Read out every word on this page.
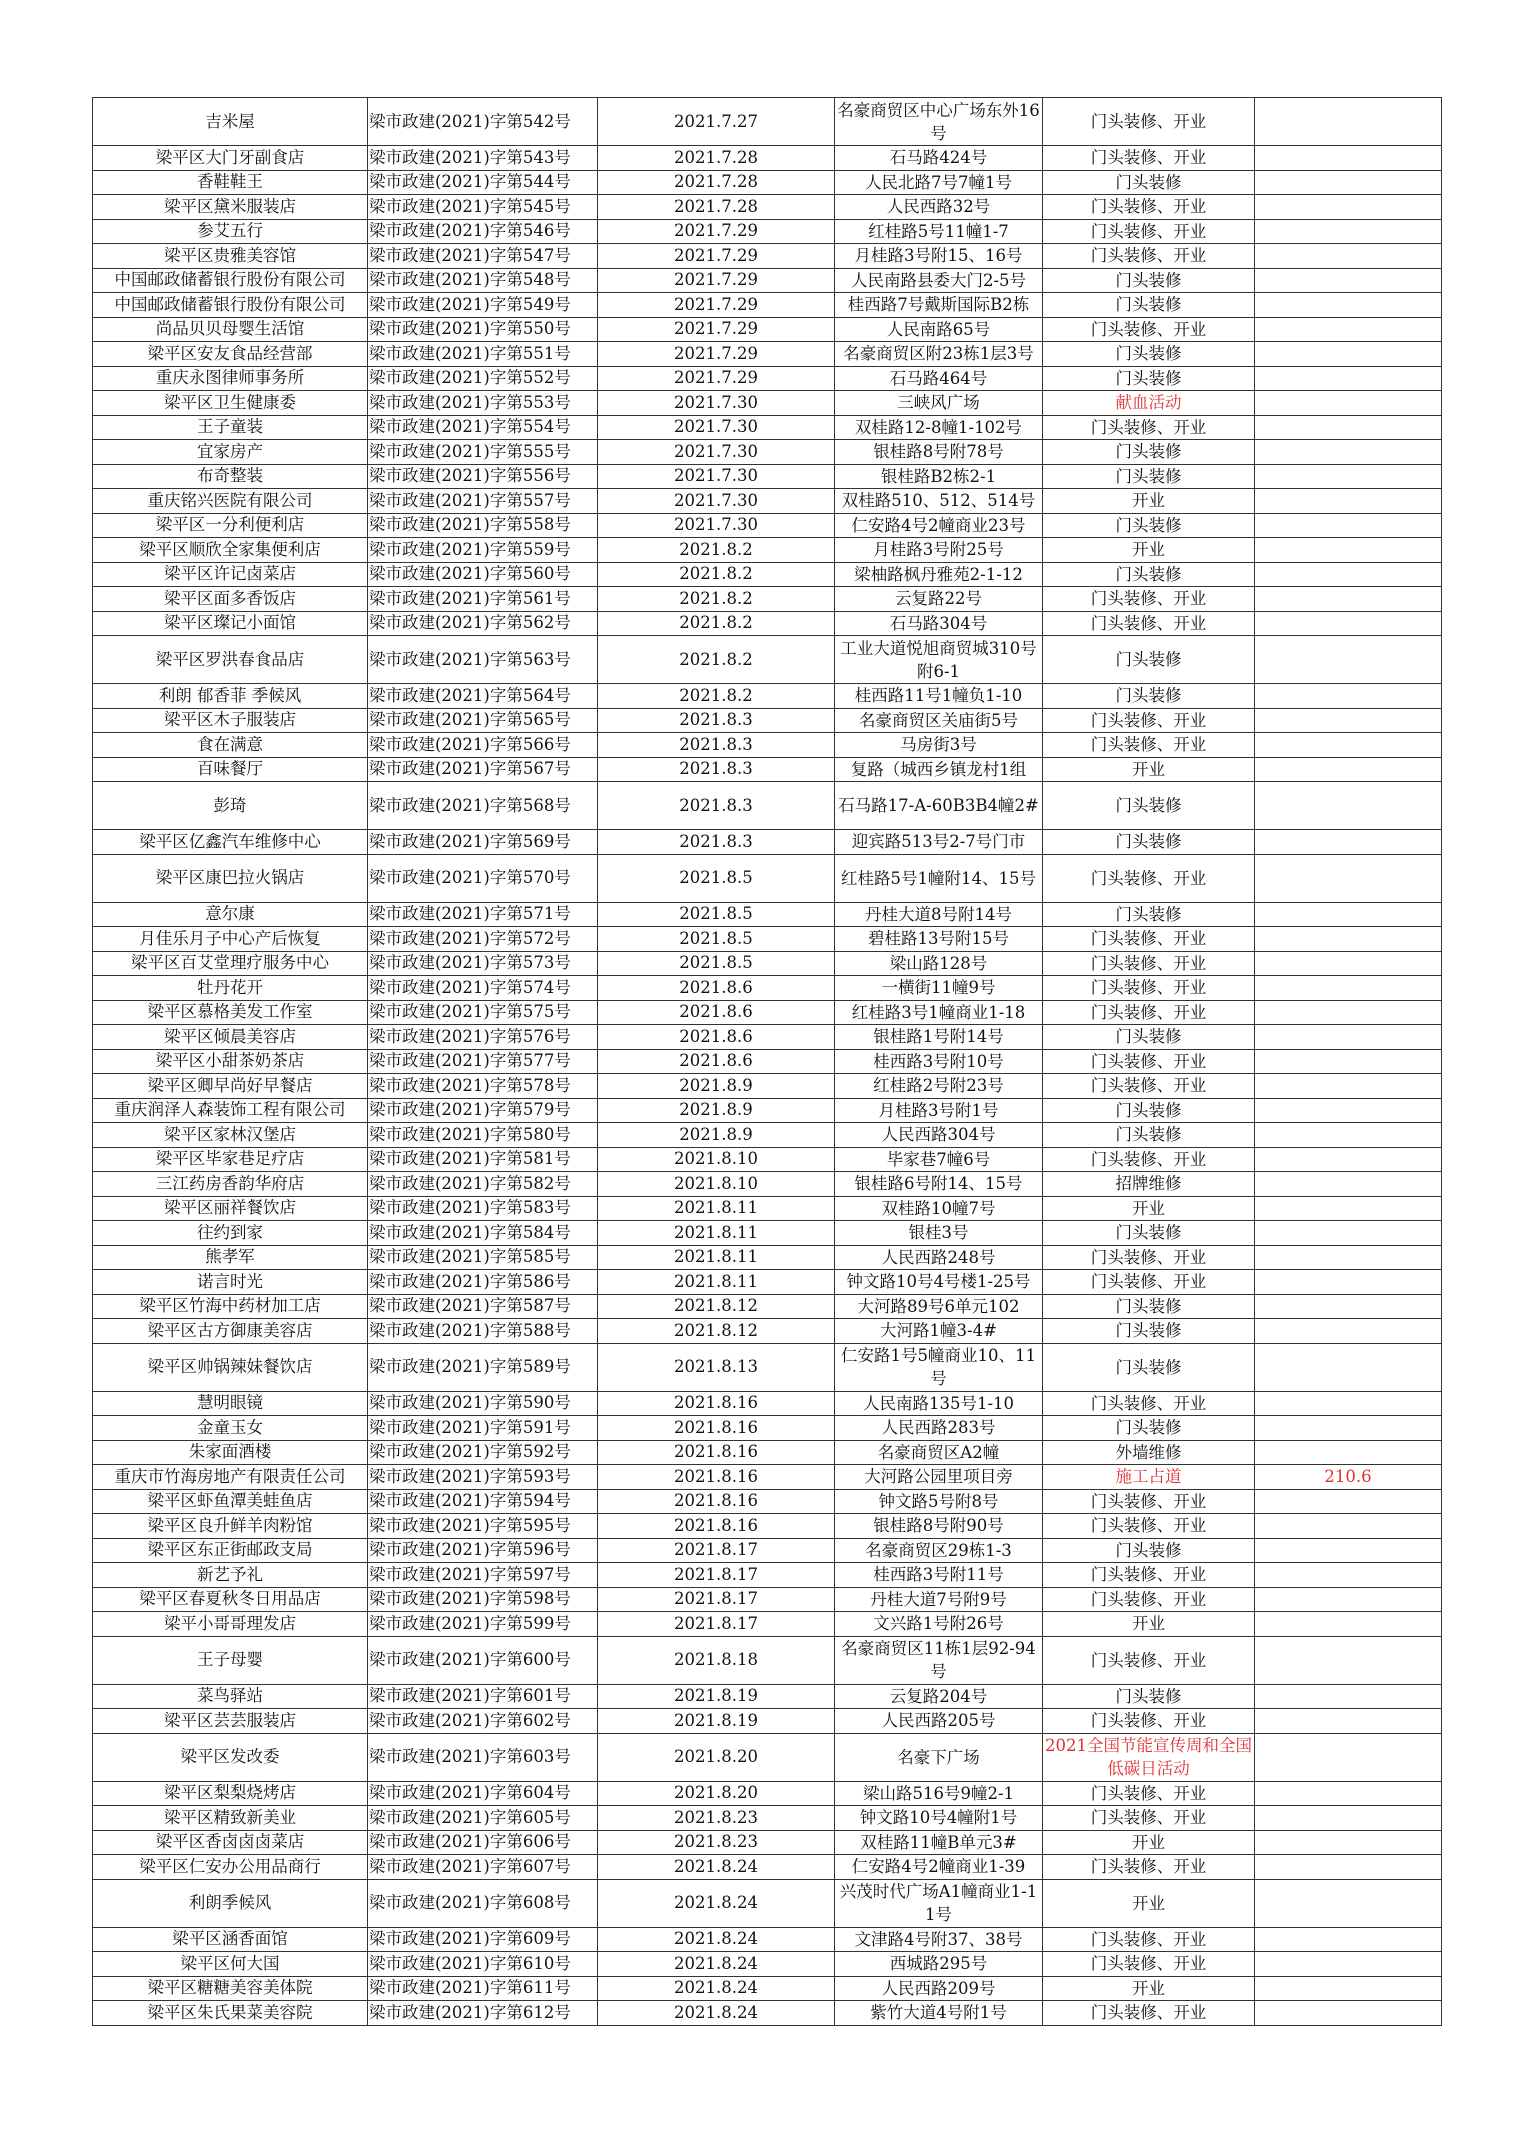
吉米屋	梁市政建(2021)字第542号	2021.7.27	名豪商贸区中心广场东外16号	门头装修、开业	
梁平区大门牙副食店	梁市政建(2021)字第543号	2021.7.28	石马路424号	门头装修、开业	
香鞋鞋王	梁市政建(2021)字第544号	2021.7.28	人民北路7号7幢1号	门头装修	
梁平区黛米服装店	梁市政建(2021)字第545号	2021.7.28	人民西路32号	门头装修、开业	
参艾五行	梁市政建(2021)字第546号	2021.7.29	红桂路5号11幢1-7	门头装修、开业	
梁平区贵雅美容馆	梁市政建(2021)字第547号	2021.7.29	月桂路3号附15、16号	门头装修、开业	
中国邮政储蓄银行股份有限公司	梁市政建(2021)字第548号	2021.7.29	人民南路县委大门2-5号	门头装修	
中国邮政储蓄银行股份有限公司	梁市政建(2021)字第549号	2021.7.29	桂西路7号戴斯国际B2栋	门头装修	
尚品贝贝母婴生活馆	梁市政建(2021)字第550号	2021.7.29	人民南路65号	门头装修、开业	
梁平区安友食品经营部	梁市政建(2021)字第551号	2021.7.29	名豪商贸区附23栋1层3号	门头装修	
重庆永图律师事务所	梁市政建(2021)字第552号	2021.7.29	石马路464号	门头装修	
梁平区卫生健康委	梁市政建(2021)字第553号	2021.7.30	三峡风广场	献血活动	
王子童装	梁市政建(2021)字第554号	2021.7.30	双桂路12-8幢1-102号	门头装修、开业	
宜家房产	梁市政建(2021)字第555号	2021.7.30	银桂路8号附78号	门头装修	
布奇整装	梁市政建(2021)字第556号	2021.7.30	银桂路B2栋2-1	门头装修	
重庆铭兴医院有限公司	梁市政建(2021)字第557号	2021.7.30	双桂路510、512、514号	开业	
梁平区一分利便利店	梁市政建(2021)字第558号	2021.7.30	仁安路4号2幢商业23号	门头装修	
梁平区顺欣全家集便利店	梁市政建(2021)字第559号	2021.8.2	月桂路3号附25号	开业	
梁平区许记卤菜店	梁市政建(2021)字第560号	2021.8.2	梁柚路枫丹雅苑2-1-12	门头装修	
梁平区面多香饭店	梁市政建(2021)字第561号	2021.8.2	云复路22号	门头装修、开业	
梁平区璨记小面馆	梁市政建(2021)字第562号	2021.8.2	石马路304号	门头装修、开业	
梁平区罗洪春食品店	梁市政建(2021)字第563号	2021.8.2	工业大道悦旭商贸城310号附6-1	门头装修	
利朗 郁香菲 季候风	梁市政建(2021)字第564号	2021.8.2	桂西路11号1幢负1-10	门头装修	
梁平区木子服装店	梁市政建(2021)字第565号	2021.8.3	名豪商贸区关庙街5号	门头装修、开业	
食在满意	梁市政建(2021)字第566号	2021.8.3	马房街3号	门头装修、开业	
百味餐厅	梁市政建(2021)字第567号	2021.8.3	复路（城西乡镇龙村1组	开业	
彭琦	梁市政建(2021)字第568号	2021.8.3	石马路17-A-60B3B4幢2#	门头装修	
梁平区亿鑫汽车维修中心	梁市政建(2021)字第569号	2021.8.3	迎宾路513号2-7号门市	门头装修	
梁平区康巴拉火锅店	梁市政建(2021)字第570号	2021.8.5	红桂路5号1幢附14、15号	门头装修、开业	
意尔康	梁市政建(2021)字第571号	2021.8.5	丹桂大道8号附14号	门头装修	
月佳乐月子中心产后恢复	梁市政建(2021)字第572号	2021.8.5	碧桂路13号附15号	门头装修、开业	
梁平区百艾堂理疗服务中心	梁市政建(2021)字第573号	2021.8.5	梁山路128号	门头装修、开业	
牡丹花开	梁市政建(2021)字第574号	2021.8.6	一横街11幢9号	门头装修、开业	
梁平区慕格美发工作室	梁市政建(2021)字第575号	2021.8.6	红桂路3号1幢商业1-18	门头装修、开业	
梁平区倾晨美容店	梁市政建(2021)字第576号	2021.8.6	银桂路1号附14号	门头装修	
梁平区小甜茶奶茶店	梁市政建(2021)字第577号	2021.8.6	桂西路3号附10号	门头装修、开业	
梁平区卿早尚好早餐店	梁市政建(2021)字第578号	2021.8.9	红桂路2号附23号	门头装修、开业	
重庆润泽人森装饰工程有限公司	梁市政建(2021)字第579号	2021.8.9	月桂路3号附1号	门头装修	
梁平区家林汉堡店	梁市政建(2021)字第580号	2021.8.9	人民西路304号	门头装修	
梁平区毕家巷足疗店	梁市政建(2021)字第581号	2021.8.10	毕家巷7幢6号	门头装修、开业	
三江药房香韵华府店	梁市政建(2021)字第582号	2021.8.10	银桂路6号附14、15号	招牌维修	
梁平区丽祥餐饮店	梁市政建(2021)字第583号	2021.8.11	双桂路10幢7号	开业	
往约到家	梁市政建(2021)字第584号	2021.8.11	银桂3号	门头装修	
熊孝军	梁市政建(2021)字第585号	2021.8.11	人民西路248号	门头装修、开业	
诺言时光	梁市政建(2021)字第586号	2021.8.11	钟文路10号4号楼1-25号	门头装修、开业	
梁平区竹海中药材加工店	梁市政建(2021)字第587号	2021.8.12	大河路89号6单元102	门头装修	
梁平区古方御康美容店	梁市政建(2021)字第588号	2021.8.12	大河路1幢3-4#	门头装修	
梁平区帅锅辣妹餐饮店	梁市政建(2021)字第589号	2021.8.13	仁安路1号5幢商业10、11号	门头装修	
慧明眼镜	梁市政建(2021)字第590号	2021.8.16	人民南路135号1-10	门头装修、开业	
金童玉女	梁市政建(2021)字第591号	2021.8.16	人民西路283号	门头装修	
朱家面酒楼	梁市政建(2021)字第592号	2021.8.16	名豪商贸区A2幢	外墙维修	
重庆市竹海房地产有限责任公司	梁市政建(2021)字第593号	2021.8.16	大河路公园里项目旁	施工占道	210.6
梁平区虾鱼潭美蛙鱼店	梁市政建(2021)字第594号	2021.8.16	钟文路5号附8号	门头装修、开业	
梁平区良升鲜羊肉粉馆	梁市政建(2021)字第595号	2021.8.16	银桂路8号附90号	门头装修、开业	
梁平区东正街邮政支局	梁市政建(2021)字第596号	2021.8.17	名豪商贸区29栋1-3	门头装修	
新艺予礼	梁市政建(2021)字第597号	2021.8.17	桂西路3号附11号	门头装修、开业	
梁平区春夏秋冬日用品店	梁市政建(2021)字第598号	2021.8.17	丹桂大道7号附9号	门头装修、开业	
梁平小哥哥理发店	梁市政建(2021)字第599号	2021.8.17	文兴路1号附26号	开业	
王子母婴	梁市政建(2021)字第600号	2021.8.18	名豪商贸区11栋1层92-94号	门头装修、开业	
菜鸟驿站	梁市政建(2021)字第601号	2021.8.19	云复路204号	门头装修	
梁平区芸芸服装店	梁市政建(2021)字第602号	2021.8.19	人民西路205号	门头装修、开业	
梁平区发改委	梁市政建(2021)字第603号	2021.8.20	名豪下广场	2021全国节能宣传周和全国低碳日活动	
梁平区梨梨烧烤店	梁市政建(2021)字第604号	2021.8.20	梁山路516号9幢2-1	门头装修、开业	
梁平区精致新美业	梁市政建(2021)字第605号	2021.8.23	钟文路10号4幢附1号	门头装修、开业	
梁平区香卤卤卤菜店	梁市政建(2021)字第606号	2021.8.23	双桂路11幢B单元3#	开业	
梁平区仁安办公用品商行	梁市政建(2021)字第607号	2021.8.24	仁安路4号2幢商业1-39	门头装修、开业	
利朗季候风	梁市政建(2021)字第608号	2021.8.24	兴茂时代广场A1幢商业1-11号	开业	
梁平区涵香面馆	梁市政建(2021)字第609号	2021.8.24	文津路4号附37、38号	门头装修、开业	
梁平区何大国	梁市政建(2021)字第610号	2021.8.24	西城路295号	门头装修、开业	
梁平区糖糖美容美体院	梁市政建(2021)字第611号	2021.8.24	人民西路209号	开业	
梁平区朱氏果菜美容院	梁市政建(2021)字第612号	2021.8.24	紫竹大道4号附1号	门头装修、开业	
